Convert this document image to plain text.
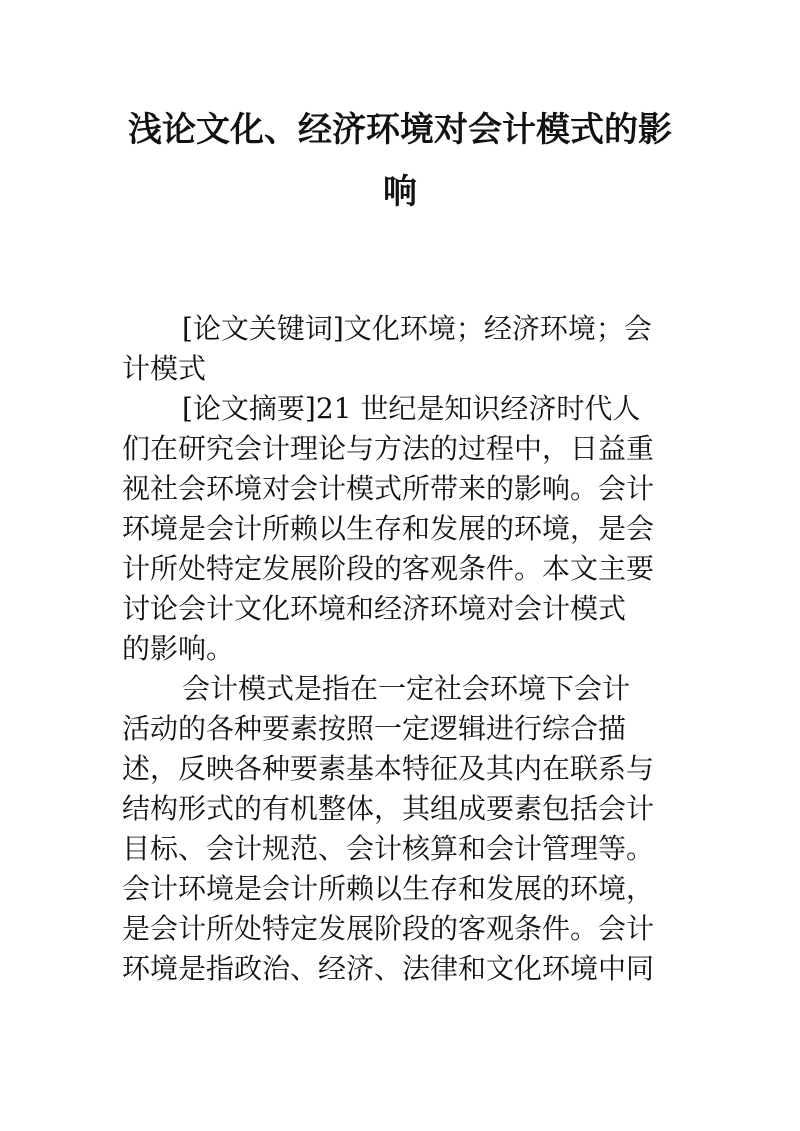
浅论文化、经济环境对会计模式的影
响
[论文关键词]文化环境；经济环境；会
计模式
[论文摘要]21 世纪是知识经济时代人
们在研究会计理论与方法的过程中，日益重
视社会环境对会计模式所带来的影响。会计
环境是会计所赖以生存和发展的环境，是会
计所处特定发展阶段的客观条件。本文主要
讨论会计文化环境和经济环境对会计模式
的影响。
会计模式是指在一定社会环境下会计
活动的各种要素按照一定逻辑进行综合描
述，反映各种要素基本特征及其内在联系与
结构形式的有机整体，其组成要素包括会计
目标、会计规范、会计核算和会计管理等。
会计环境是会计所赖以生存和发展的环境，
是会计所处特定发展阶段的客观条件。会计
环境是指政治、经济、法律和文化环境中同
